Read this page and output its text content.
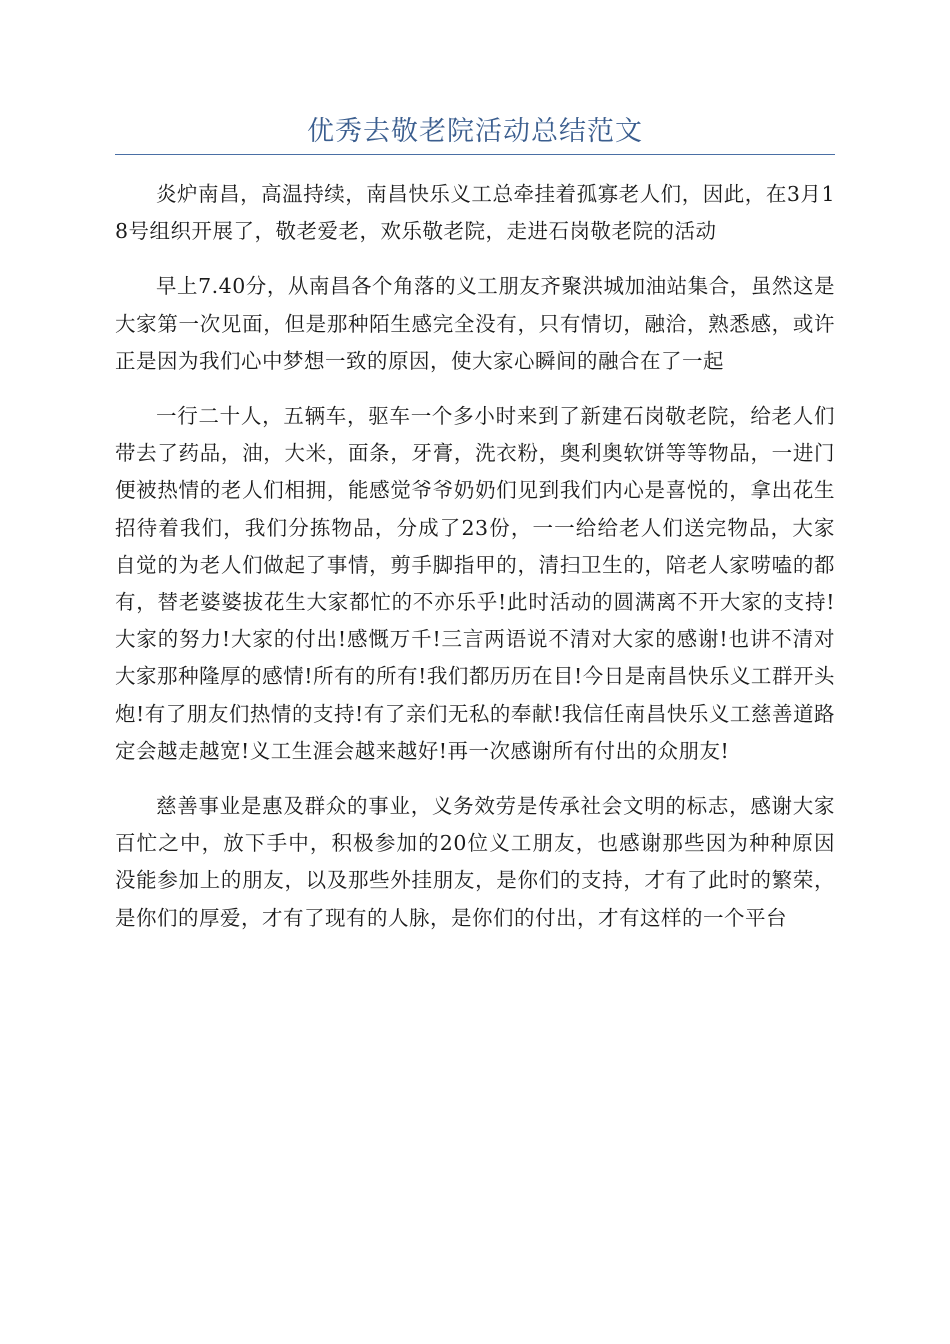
优秀去敬老院活动总结范文

炎炉南昌，高温持续，南昌快乐义工总牵挂着孤寡老人们，因此，在3月18号组织开展了，敬老爱老，欢乐敬老院，走进石岗敬老院的活动

早上7.40分，从南昌各个角落的义工朋友齐聚洪城加油站集合，虽然这是大家第一次见面，但是那种陌生感完全没有，只有情切，融洽，熟悉感，或许正是因为我们心中梦想一致的原因，使大家心瞬间的融合在了一起

一行二十人，五辆车，驱车一个多小时来到了新建石岗敬老院，给老人们带去了药品，油，大米，面条，牙膏，洗衣粉，奥利奥软饼等等物品，一进门便被热情的老人们相拥，能感觉爷爷奶奶们见到我们内心是喜悦的，拿出花生招待着我们，我们分拣物品，分成了23份，一一给给老人们送完物品，大家自觉的为老人们做起了事情，剪手脚指甲的，清扫卫生的，陪老人家唠嗑的都有，替老婆婆拔花生大家都忙的不亦乐乎!此时活动的圆满离不开大家的支持!大家的努力!大家的付出!感慨万千!三言两语说不清对大家的感谢!也讲不清对大家那种隆厚的感情!所有的所有!我们都历历在目!今日是南昌快乐义工群开头炮!有了朋友们热情的支持!有了亲们无私的奉献!我信任南昌快乐义工慈善道路定会越走越宽!义工生涯会越来越好!再一次感谢所有付出的众朋友!

慈善事业是惠及群众的事业，义务效劳是传承社会文明的标志，感谢大家百忙之中，放下手中，积极参加的20位义工朋友，也感谢那些因为种种原因没能参加上的朋友，以及那些外挂朋友，是你们的支持，才有了此时的繁荣，是你们的厚爱，才有了现有的人脉，是你们的付出，才有这样的一个平台
